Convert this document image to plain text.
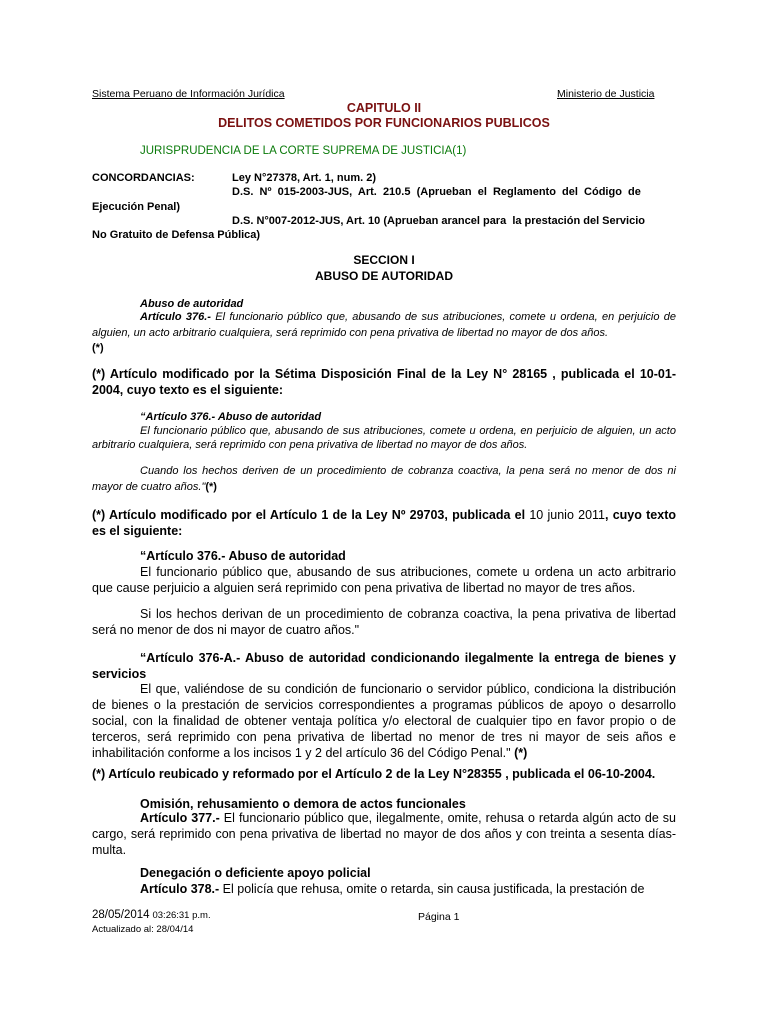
Sistema Peruano de Información Jurídica	Ministerio de Justicia
CAPITULO II
DELITOS COMETIDOS POR FUNCIONARIOS PUBLICOS
JURISPRUDENCIA DE LA CORTE SUPREMA DE JUSTICIA(1)
CONCORDANCIAS:	Ley N°27378, Art. 1, num. 2)
D.S.  Nº  015-2003-JUS,  Art.  210.5  (Aprueban  el  Reglamento  del  Código  de
Ejecución Penal)
D.S. N°007-2012-JUS, Art. 10 (Aprueban arancel para  la prestación del Servicio
No Gratuito de Defensa Pública)
SECCION I
ABUSO DE AUTORIDAD
Abuso de autoridad
Artículo 376.- El funcionario público que, abusando de sus atribuciones, comete u ordena, en perjuicio de alguien, un acto arbitrario cualquiera, será reprimido con pena privativa de libertad no mayor de dos años.
(*)
(*) Artículo modificado por la Sétima Disposición Final de la Ley N° 28165 , publicada el 10-01-2004, cuyo texto es el siguiente:
“Artículo 376.- Abuso de autoridad
El funcionario público que, abusando de sus atribuciones, comete u ordena, en perjuicio de alguien, un acto arbitrario cualquiera, será reprimido con pena privativa de libertad no mayor de dos años.
Cuando los hechos deriven de un procedimiento de cobranza coactiva, la pena será no menor de dos ni mayor de cuatro años."(*)
(*) Artículo modificado por el Artículo 1 de la Ley Nº 29703, publicada el 10 junio 2011, cuyo texto es el siguiente:
“Artículo 376.- Abuso de autoridad
El funcionario público que, abusando de sus atribuciones, comete u ordena un acto arbitrario que cause perjuicio a alguien será reprimido con pena privativa de libertad no mayor de tres años.
Si los hechos derivan de un procedimiento de cobranza coactiva, la pena privativa de libertad será no menor de dos ni mayor de cuatro años."
“Artículo 376-A.- Abuso de autoridad condicionando ilegalmente la entrega de bienes y servicios
El que, valiéndose de su condición de funcionario o servidor público, condiciona la distribución de bienes o la prestación de servicios correspondientes a programas públicos de apoyo o desarrollo social, con la finalidad de obtener ventaja política y/o electoral de cualquier tipo en favor propio o de terceros, será reprimido con pena privativa de libertad no menor de tres ni mayor de seis años e inhabilitación conforme a los incisos 1 y 2 del artículo 36 del Código Penal." (*)
(*) Artículo reubicado y reformado por el Artículo 2 de la Ley N°28355 , publicada el 06-10-2004.
Omisión, rehusamiento o demora de actos funcionales
Artículo 377.- El funcionario público que, ilegalmente, omite, rehusa o retarda algún acto de su cargo, será reprimido con pena privativa de libertad no mayor de dos años y con treinta a sesenta días-multa.
Denegación o deficiente apoyo policial
Artículo 378.- El policía que rehusa, omite o retarda, sin causa justificada, la prestación de
28/05/2014 03:26:31 p.m.	Página 1
Actualizado al: 28/04/14
